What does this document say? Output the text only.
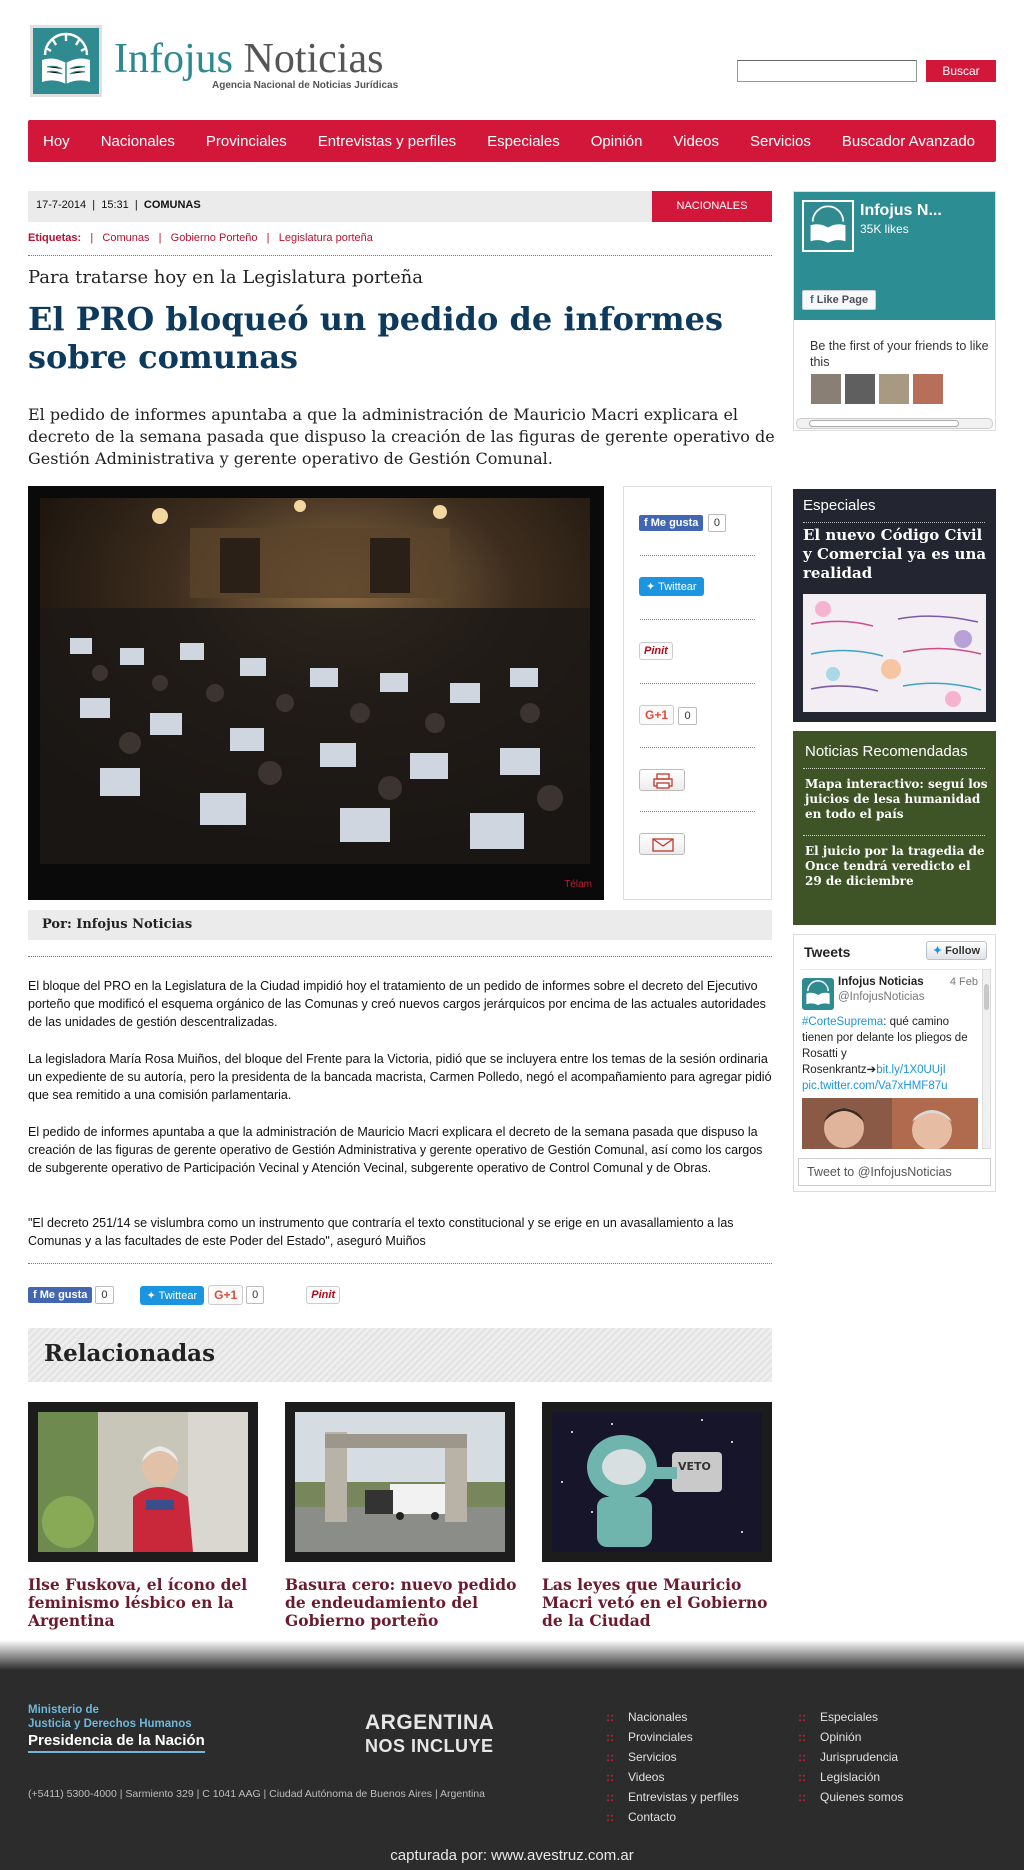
Infojus Noticias
Agencia Nacional de Noticias Jurídicas
Buscar
Hoy Nacionales Provinciales Entrevistas y perfiles Especiales Opinión Videos Servicios Buscador Avanzado
17-7-2014  |  15:31  |  COMUNAS	NACIONALES
Etiquetas:   |   Comunas   |   Gobierno Porteño   |   Legislatura porteña
Para tratarse hoy en la Legislatura porteña
El PRO bloqueó un pedido de informes sobre comunas

El pedido de informes apuntaba a que la administración de Mauricio Macri explicara el decreto de la semana pasada que dispuso la creación de las figuras de gerente operativo de Gestión Administrativa y gerente operativo de Gestión Comunal.

Télam
f Me gusta 0
✦ Twittear
Pinit
G+1 0
Por: Infojus Noticias

El bloque del PRO en la Legislatura de la Ciudad impidió hoy el tratamiento de un pedido de informes sobre el decreto del Ejecutivo porteño que modificó el esquema orgánico de las Comunas y creó nuevos cargos jerárquicos por encima de las actuales autoridades de las unidades de gestión descentralizadas.

La legisladora María Rosa Muiños, del bloque del Frente para la Victoria, pidió que se incluyera entre los temas de la sesión ordinaria un expediente de su autoría, pero la presidenta de la bancada macrista, Carmen Polledo, negó el acompañamiento para agregar pidió que sea remitido a una comisión parlamentaria.

El pedido de informes apuntaba a que la administración de Mauricio Macri explicara el decreto de la semana pasada que dispuso la creación de las figuras de gerente operativo de Gestión Administrativa y gerente operativo de Gestión Comunal, así como los cargos de subgerente operativo de Participación Vecinal y Atención Vecinal, subgerente operativo de Control Comunal y de Obras.

"El decreto 251/14 se vislumbra como un instrumento que contraría el texto constitucional y se erige en un avasallamiento a las Comunas y a las facultades de este Poder del Estado", aseguró Muiños

f Me gusta	0	✦ Twittear	G+1	0	Pinit
Relacionadas
VETO
Ilse Fuskova, el ícono del feminismo lésbico en la Argentina
Basura cero: nuevo pedido de endeudamiento del Gobierno porteño
Las leyes que Mauricio Macri vetó en el Gobierno de la Ciudad
Infojus N...
35K likes
f Like Page
Be the first of your friends to like this
Especiales
El nuevo Código Civil y Comercial ya es una realidad
Noticias Recomendadas
Mapa interactivo: seguí los juicios de lesa humanidad en todo el país
El juicio por la tragedia de Once tendrá veredicto el 29 de diciembre
Tweets	✦ Follow
Infojus Noticias
@InfojusNoticias
4 Feb
#CorteSuprema: qué camino tienen por delante los pliegos de Rosatti y Rosenkrantz➔bit.ly/1X0UUjI
pic.twitter.com/Va7xHMF87u
Tweet to @InfojusNoticias
Ministerio de
Justicia y Derechos Humanos
Presidencia de la Nación
(+5411) 5300-4000 | Sarmiento 329 | C 1041 AAG | Ciudad Autónoma de Buenos Aires | Argentina
ARGENTINA
NOS INCLUYE
:: Nacionales
:: Provinciales
:: Servicios
:: Videos
:: Entrevistas y perfiles
:: Contacto
:: Especiales
:: Opinión
:: Jurisprudencia
:: Legislación
:: Quienes somos
capturada por: www.avestruz.com.ar
